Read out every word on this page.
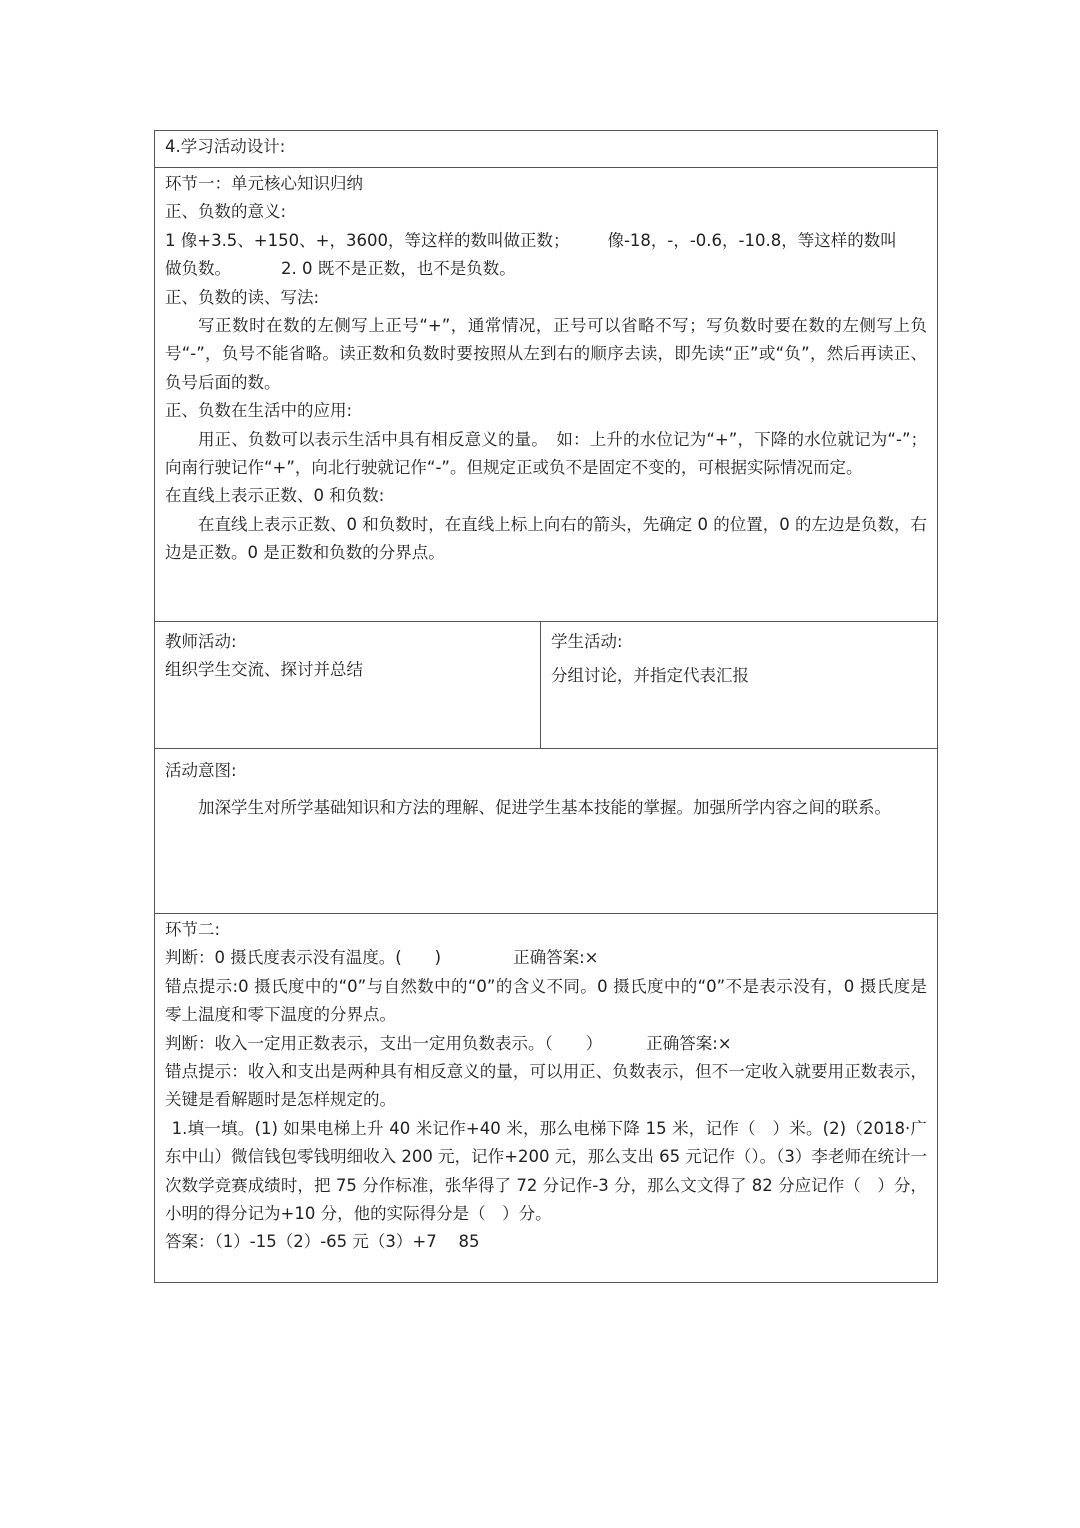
4.学习活动设计:

环节一：单元核心知识归纳

正、负数的意义:

1 像+3.5、+150、+，3600，等这样的数叫做正数； 像-18，-，-0.6，-10.8，等这样的数叫

做负数。	2. 0 既不是正数，也不是负数。

正、负数的读、写法:

写正数时在数的左侧写上正号“+”，通常情况，正号可以省略不写；写负数时要在数的左侧写上负号“-”，负号不能省略。读正数和负数时要按照从左到右的顺序去读，即先读“正”或“负”，然后再读正、负号后面的数。

正、负数在生活中的应用:

用正、负数可以表示生活中具有相反意义的量。　如：上升的水位记为“+”，下降的水位就记为“-”；向南行驶记作“+”，向北行驶就记作“-”。但规定正或负不是固定不变的，可根据实际情况而定。

在直线上表示正数、0 和负数:

在直线上表示正数、0 和负数时，在直线上标上向右的箭头，先确定 0 的位置，0 的左边是负数，右边是正数。0 是正数和负数的分界点。

教师活动:

组织学生交流、探讨并总结

学生活动:

分组讨论，并指定代表汇报

活动意图:

加深学生对所学基础知识和方法的理解、促进学生基本技能的掌握。加强所学内容之间的联系。

环节二:

判断：0 摄氏度表示没有温度。(　　)	正确答案:×

错点提示:0 摄氏度中的“0”与自然数中的“0”的含义不同。0 摄氏度中的“0”不是表示没有，0 摄氏度是零上温度和零下温度的分界点。

判断：收入一定用正数表示，支出一定用负数表示。（　　）	正确答案:×

错点提示：收入和支出是两种具有相反意义的量，可以用正、负数表示，但不一定收入就要用正数表示，关键是看解题时是怎样规定的。

1.填一填。(1) 如果电梯上升 40 米记作+40 米，那么电梯下降 15 米，记作（　）米。(2)（2018·广东中山）微信钱包零钱明细收入 200 元，记作+200 元，那么支出 65 元记作（）。（3）李老师在统计一次数学竞赛成绩时，把 75 分作标准，张华得了 72 分记作-3 分，那么文文得了 82 分应记作（　）分，小明的得分记为+10 分，他的实际得分是（　）分。

答案：（1）-15（2）-65 元（3）+7　 85
